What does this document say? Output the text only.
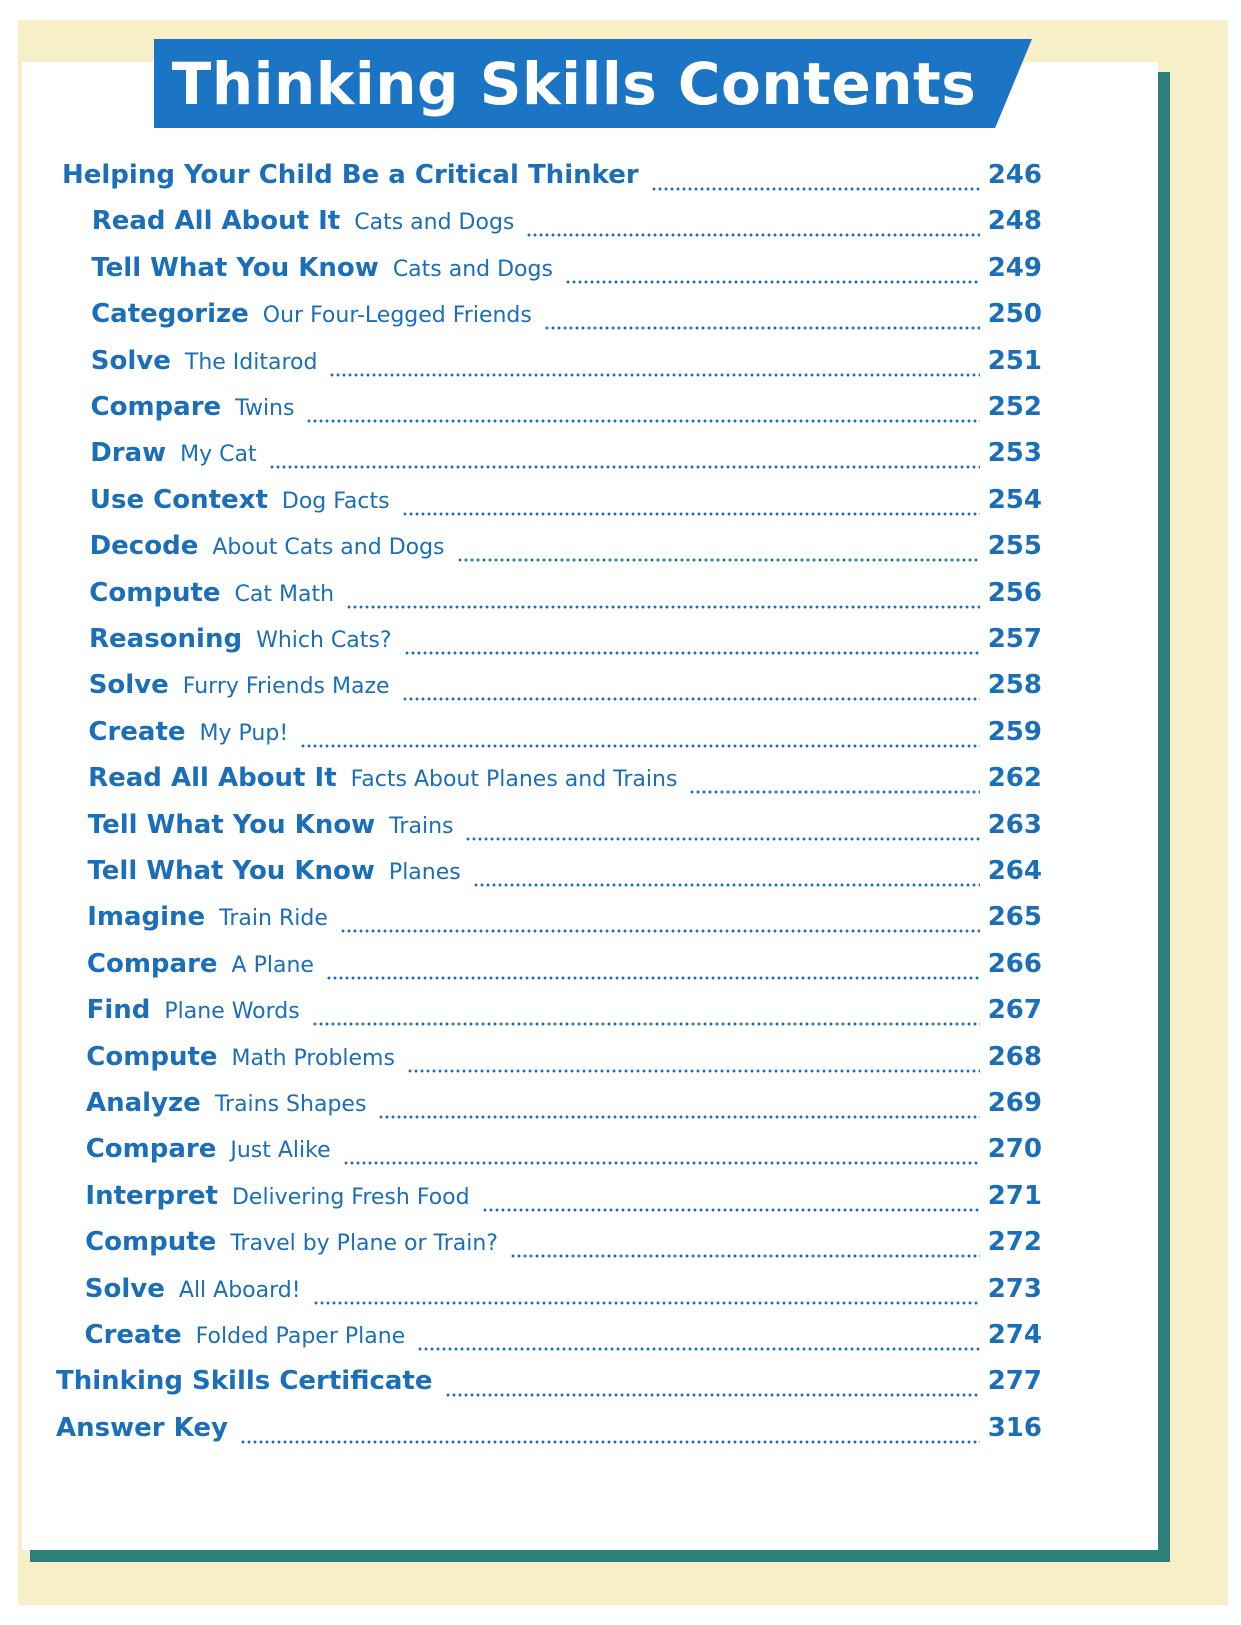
Thinking Skills Contents
Helping Your Child Be a Critical Thinker	246
Read All About It Cats and Dogs	248
Tell What You Know Cats and Dogs	249
Categorize Our Four-Legged Friends	250
Solve The Iditarod	251
Compare Twins	252
Draw My Cat	253
Use Context Dog Facts	254
Decode About Cats and Dogs	255
Compute Cat Math	256
Reasoning Which Cats?	257
Solve Furry Friends Maze	258
Create My Pup!	259
Read All About It Facts About Planes and Trains	262
Tell What You Know Trains	263
Tell What You Know Planes	264
Imagine Train Ride	265
Compare A Plane	266
Find Plane Words	267
Compute Math Problems	268
Analyze Trains Shapes	269
Compare Just Alike	270
Interpret Delivering Fresh Food	271
Compute Travel by Plane or Train?	272
Solve All Aboard!	273
Create Folded Paper Plane	274
Thinking Skills Certificate	277
Answer Key	316
